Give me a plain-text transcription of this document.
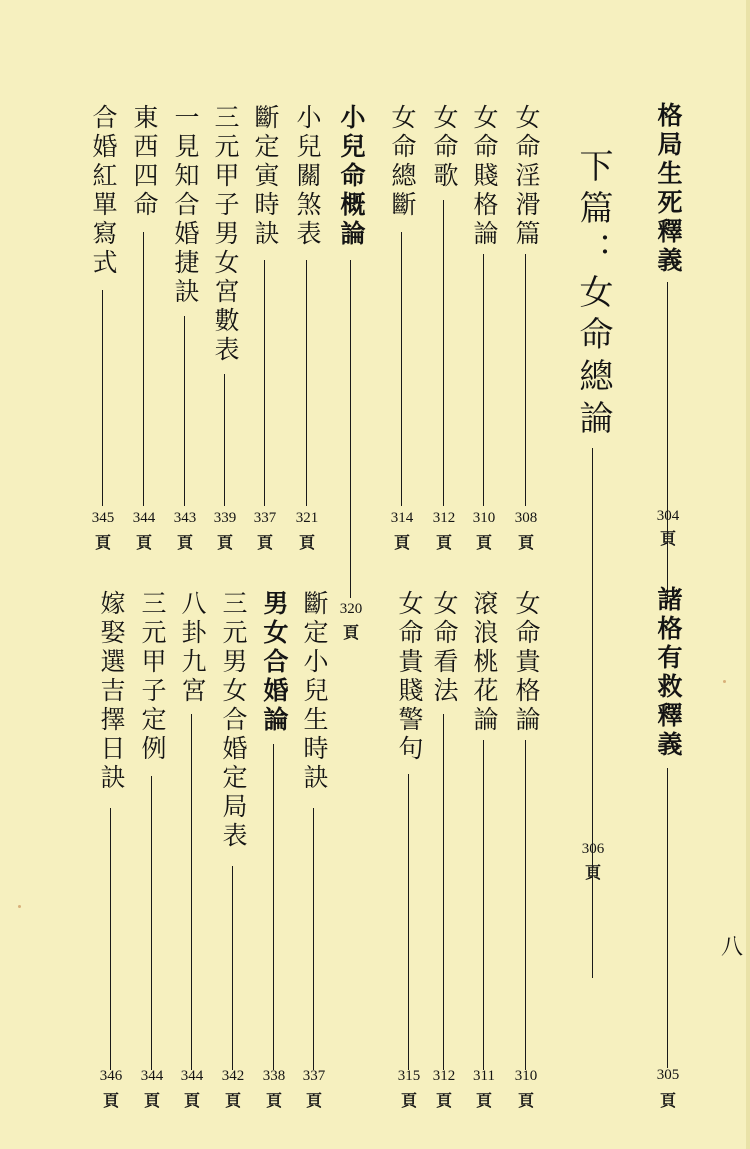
格局生死釋義
304
頁
下篇：女命總論
306
頁
女命淫滑篇
308
頁
女命賤格論
310
頁
女命歌
312
頁
女命總斷
314
頁
小兒命概論
320
頁
小兒關煞表
321
頁
斷定寅時訣
337
頁
三元甲子男女宮數表
339
頁
一見知合婚捷訣
343
頁
東西四命
344
頁
合婚紅單寫式
345
頁
諸格有救釋義
305
頁
女命貴格論
310
頁
滾浪桃花論
311
頁
女命看法
312
頁
女命貴賤警句
315
頁
斷定小兒生時訣
337
頁
男女合婚論
338
頁
三元男女合婚定局表
342
頁
八卦九宮
344
頁
三元甲子定例
344
頁
嫁娶選吉擇日訣
346
頁
八
